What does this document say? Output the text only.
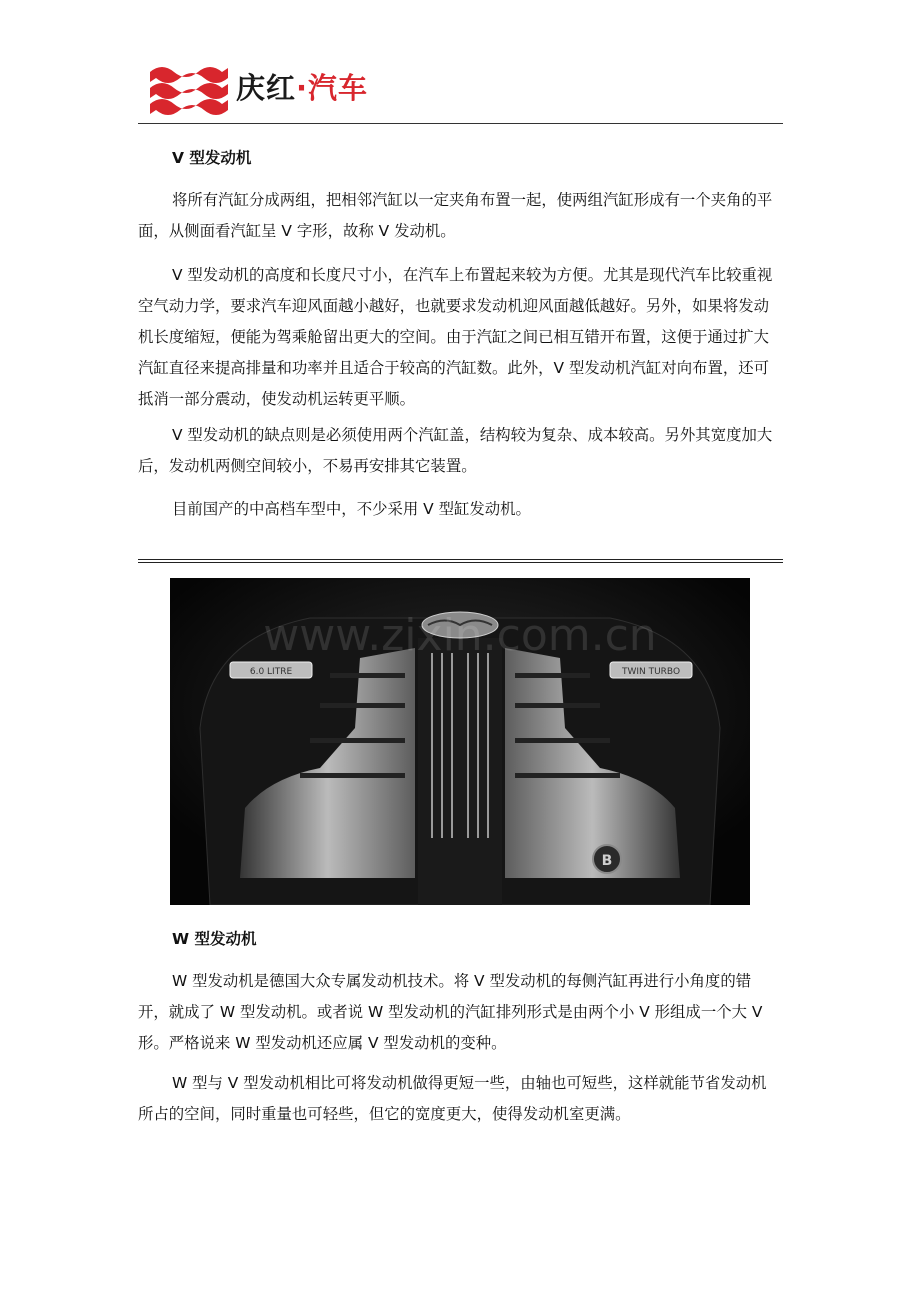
庆红·汽车
V 型发动机

将所有汽缸分成两组，把相邻汽缸以一定夹角布置一起，使两组汽缸形成有一个夹角的平面，从侧面看汽缸呈 V 字形，故称 V 发动机。

V 型发动机的高度和长度尺寸小，在汽车上布置起来较为方便。尤其是现代汽车比较重视空气动力学，要求汽车迎风面越小越好，也就要求发动机迎风面越低越好。另外，如果将发动机长度缩短，便能为驾乘舱留出更大的空间。由于汽缸之间已相互错开布置，这便于通过扩大汽缸直径来提高排量和功率并且适合于较高的汽缸数。此外，V 型发动机汽缸对向布置，还可抵消一部分震动，使发动机运转更平顺。

V 型发动机的缺点则是必须使用两个汽缸盖，结构较为复杂、成本较高。另外其宽度加大后，发动机两侧空间较小，不易再安排其它装置。

目前国产的中高档车型中，不少采用 V 型缸发动机。

6.0 LITRE	TWIN TURBO
B
www.zixin.com.cn
W 型发动机

W 型发动机是德国大众专属发动机技术。将 V 型发动机的每侧汽缸再进行小角度的错开，就成了 W 型发动机。或者说 W 型发动机的汽缸排列形式是由两个小 V 形组成一个大 V 形。严格说来 W 型发动机还应属 V 型发动机的变种。

W 型与 V 型发动机相比可将发动机做得更短一些，由轴也可短些，这样就能节省发动机所占的空间，同时重量也可轻些，但它的宽度更大，使得发动机室更满。
